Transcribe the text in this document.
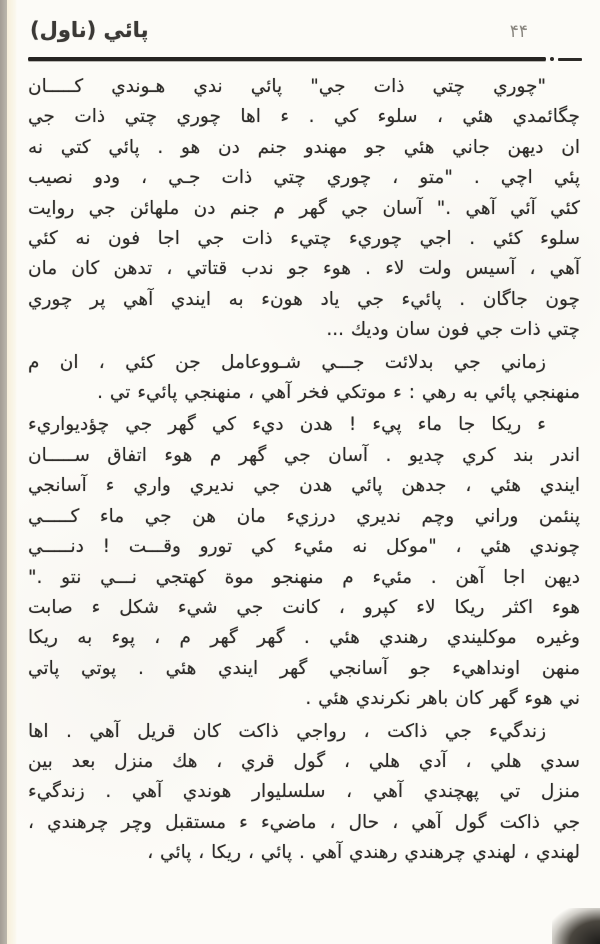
۴۴
پائي (ناول)
"چوري چتي ذات جي" پائي ندي هـوندي كـــــان
چگائمدي هئي ، سلوء كي . ء اها چوري چتي ذات جي
ان ديهن جاني هئي جو مهندو جنم دن هو . پائي كتي نه
پئي اچي . "متو ، چوري چتي ذات جـي ، ودو نصيب
كئي آئي آهي ." آسان جي گهر م جنم دن ملهائن جي روايت
سلوء كئي . اجي چوريء چتيء ذات جي اجا فون نه كئي
آهي ، آسيس ولت لاء . هوء جو ندب قتاتي ، تدهن كان مان
چون جاگان . پائيء جي ياد هونء به ايندي آهي پر چوري
چتي ذات جي فون سان وديك ...
زماني جي بدلائت جـــي شـووعامل جن كئي ، ان م
منهنجي پائي به رهي : ء موتكي فخر آهي ، منهنجي پائيء تي .
ء ريكا جا ماء پيء ! هدن ديء كي گهر جي چؤديواريء
اندر بند كري چديو . آسان جي گهر م هوء اتفاق ســـــان
ايندي هئي ، جدهن پائي هدن جي نديري واري ء آسانجي
پنئمن وراني وچم نديري درزيء مان هن جي ماء كـــــي
چوندي هئي ، "موكل نه مئيء كي تورو وقـــت ! دنـــــي
ديهن اجا آهن . مئيء م منهنجو موة كهتجي نـــي نتو ."
هوء اكثر ريكا لاء كپرو ، كانت جي شيء شكل ء صابت
وغيره موكليندي رهندي هئي . گهر گهر م ، پوء به ريكا
منهن اونداهيء جو آسانجي گهر ايندي هئي . پوتي پاتي
ني هوء گهر كان باهر نكرندي هئي .
زندگيء جي ذاكت ، رواجي ذاكت كان قريل آهي . اها
سدي هلي ، آدي هلي ، گول قري ، هك منزل بعد بين
منزل تي پهچندي آهي ، سلسليوار هوندي آهي . زندگيء
جي ذاكت گول آهي ، حال ، ماضيء ء مستقبل وچر چرهندي ،
لهندي ، لهندي چرهندي رهندي آهي . پائي ، ريكا ، پائي ،
